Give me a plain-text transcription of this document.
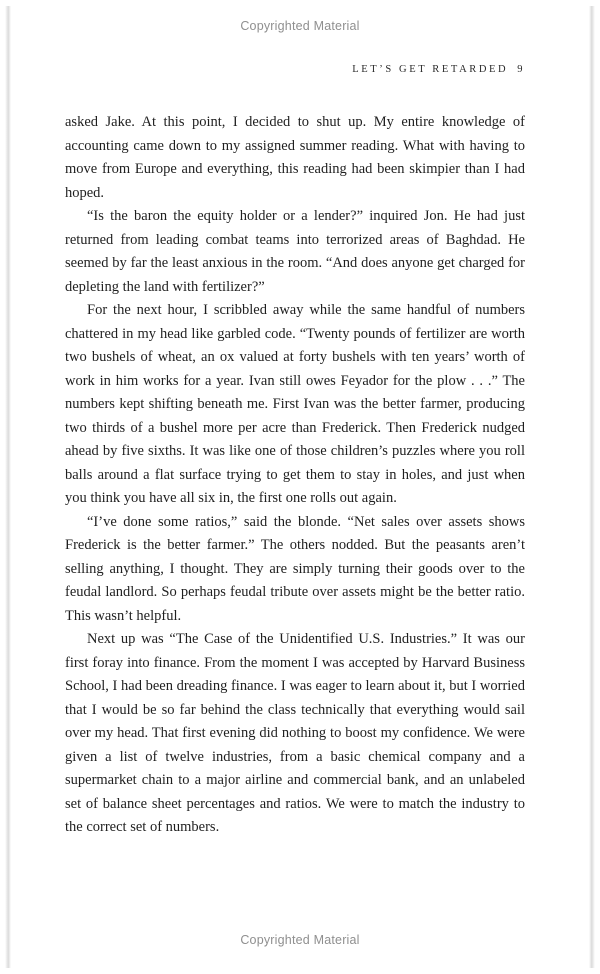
Copyrighted Material
LET’S GET RETARDED 9

asked Jake. At this point, I decided to shut up. My entire knowledge of accounting came down to my assigned summer reading. What with having to move from Europe and everything, this reading had been skimpier than I had hoped.

“Is the baron the equity holder or a lender?” inquired Jon. He had just returned from leading combat teams into terrorized areas of Baghdad. He seemed by far the least anxious in the room. “And does anyone get charged for depleting the land with fertilizer?”

For the next hour, I scribbled away while the same handful of numbers chattered in my head like garbled code. “Twenty pounds of fertilizer are worth two bushels of wheat, an ox valued at forty bushels with ten years’ worth of work in him works for a year. Ivan still owes Feyador for the plow . . .” The numbers kept shifting beneath me. First Ivan was the better farmer, producing two thirds of a bushel more per acre than Frederick. Then Frederick nudged ahead by five sixths. It was like one of those children’s puzzles where you roll balls around a flat surface trying to get them to stay in holes, and just when you think you have all six in, the first one rolls out again.

“I’ve done some ratios,” said the blonde. “Net sales over assets shows Frederick is the better farmer.” The others nodded. But the peasants aren’t selling anything, I thought. They are simply turning their goods over to the feudal landlord. So perhaps feudal tribute over assets might be the better ratio. This wasn’t helpful.

Next up was “The Case of the Unidentified U.S. Industries.” It was our first foray into finance. From the moment I was accepted by Harvard Business School, I had been dreading finance. I was eager to learn about it, but I worried that I would be so far behind the class technically that everything would sail over my head. That first evening did nothing to boost my confidence. We were given a list of twelve industries, from a basic chemical company and a supermarket chain to a major airline and commercial bank, and an unlabeled set of balance sheet percentages and ratios. We were to match the industry to the correct set of numbers.

Copyrighted Material
